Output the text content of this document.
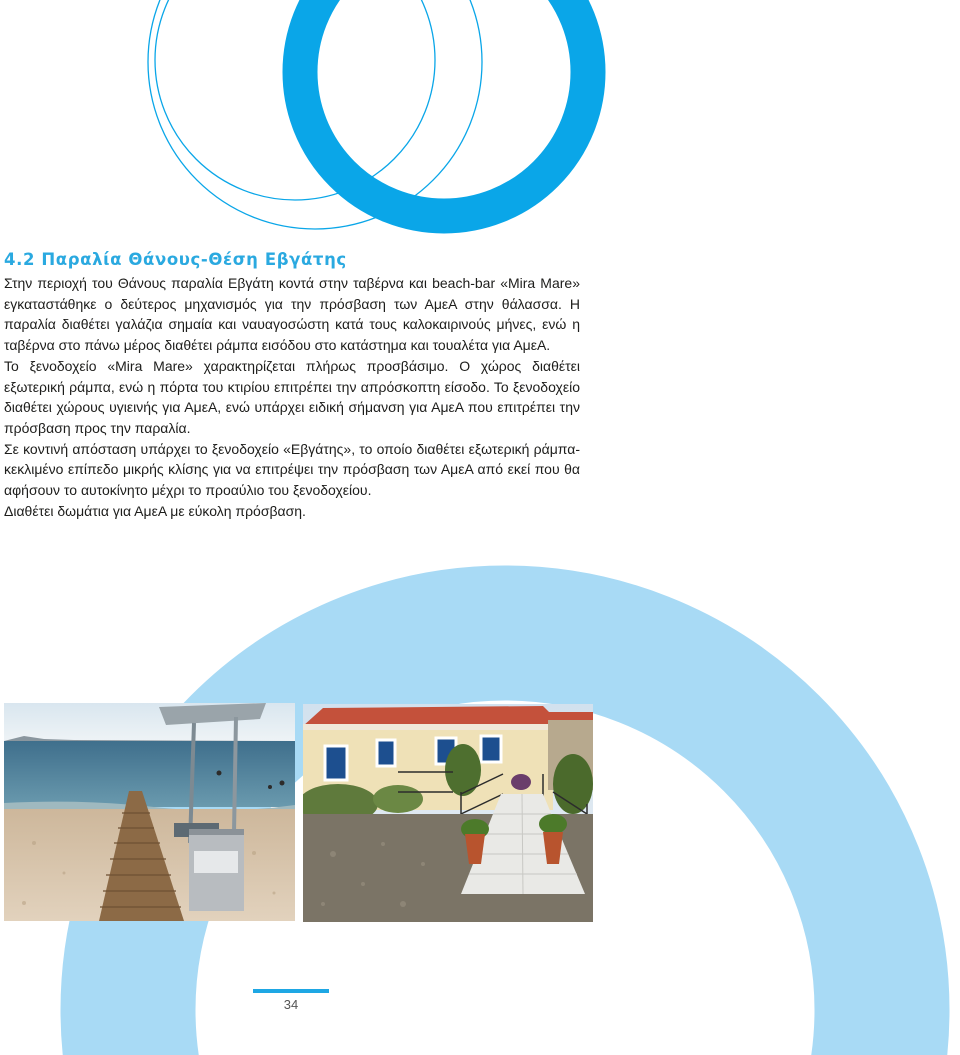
4.2 Παραλία Θάνους-Θέση Εβγάτης

Στην περιοχή του Θάνους παραλία Εβγάτη κοντά στην ταβέρνα και beach-bar «Mira Mare» εγκαταστάθηκε ο δεύτερος μηχανισμός για την πρόσβαση των ΑμεΑ στην θάλασσα. Η παραλία διαθέτει γαλάζια σημαία και ναυαγοσώστη κατά τους καλοκαιρινούς μήνες, ενώ η ταβέρνα στο πάνω μέρος διαθέτει ράμπα εισόδου στο κατάστημα και τουαλέτα για ΑμεΑ.

Το ξενοδοχείο «Mira Mare» χαρακτηρίζεται πλήρως προσβάσιμο. Ο χώρος διαθέτει εξωτερική ράμπα, ενώ η πόρτα του κτιρίου επιτρέπει την απρόσκοπτη είσοδο. Το ξενοδοχείο διαθέτει χώρους υγιεινής για ΑμεΑ, ενώ υπάρχει ειδική σήμανση για ΑμεΑ που επιτρέπει την πρόσβαση προς την παραλία.

Σε κοντινή απόσταση υπάρχει το ξενοδοχείο «Εβγάτης», το οποίο διαθέτει εξωτερική ράμπα-κεκλιμένο επίπεδο μικρής κλίσης για να επιτρέψει την πρόσβαση των ΑμεΑ από εκεί που θα αφήσουν το αυτοκίνητο μέχρι το προαύλιο του ξενοδοχείου.

Διαθέτει δωμάτια για ΑμεΑ με εύκολη πρόσβαση.

34
